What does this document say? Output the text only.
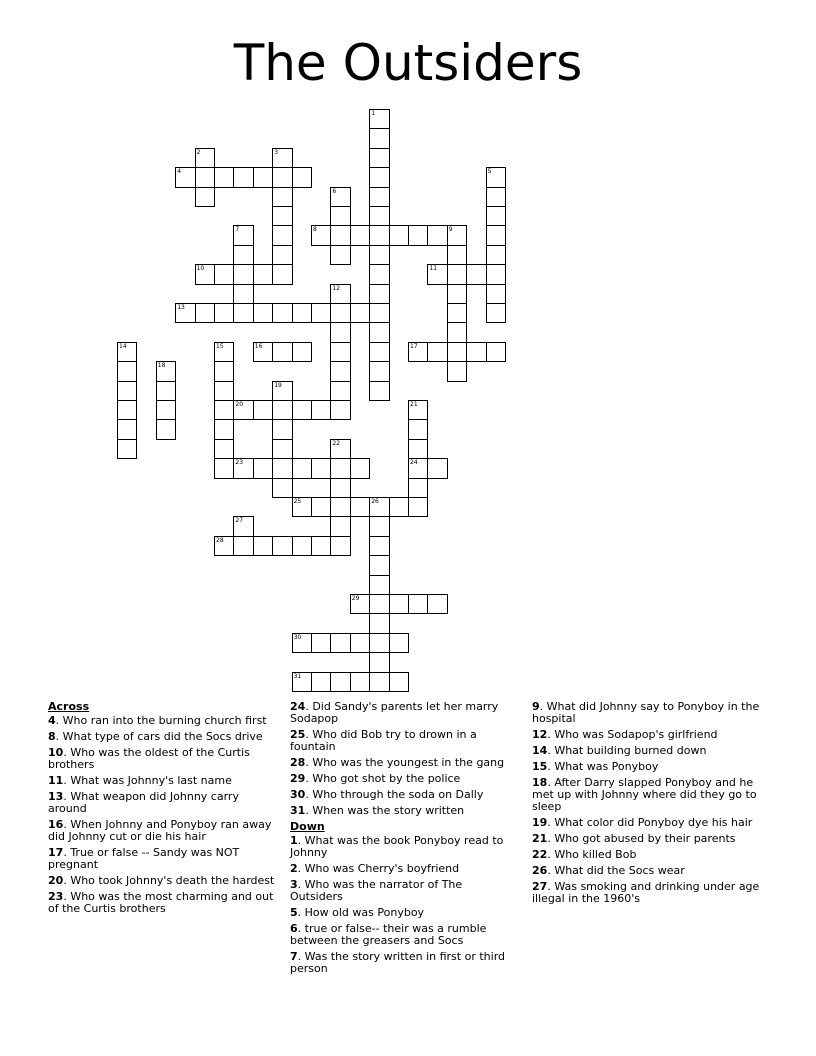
The Outsiders
1
2	3
4	5
6
7	8	9
10	11
12
13
14	15	16	17
18
19
20	21
22
23	24
25	26
27
28
29
30
31
Across
4. Who ran into the burning church first
8. What type of cars did the Socs drive
10. Who was the oldest of the Curtis brothers
11. What was Johnny's last name
13. What weapon did Johnny carry around
16. When Johnny and Ponyboy ran away did Johnny cut or die his hair
17. True or false -- Sandy was NOT pregnant
20. Who took Johnny's death the hardest
23. Who was the most charming and out of the Curtis brothers
24. Did Sandy's parents let her marry Sodapop
25. Who did Bob try to drown in a fountain
28. Who was the youngest in the gang
29. Who got shot by the police
30. Who through the soda on Dally
31. When was the story written
Down
1. What was the book Ponyboy read to Johnny
2. Who was Cherry's boyfriend
3. Who was the narrator of The Outsiders
5. How old was Ponyboy
6. true or false-- their was a rumble between the greasers and Socs
7. Was the story written in first or third person
9. What did Johnny say to Ponyboy in the hospital
12. Who was Sodapop's girlfriend
14. What building burned down
15. What was Ponyboy
18. After Darry slapped Ponyboy and he met up with Johnny where did they go to sleep
19. What color did Ponyboy dye his hair
21. Who got abused by their parents
22. Who killed Bob
26. What did the Socs wear
27. Was smoking and drinking under age illegal in the 1960's
